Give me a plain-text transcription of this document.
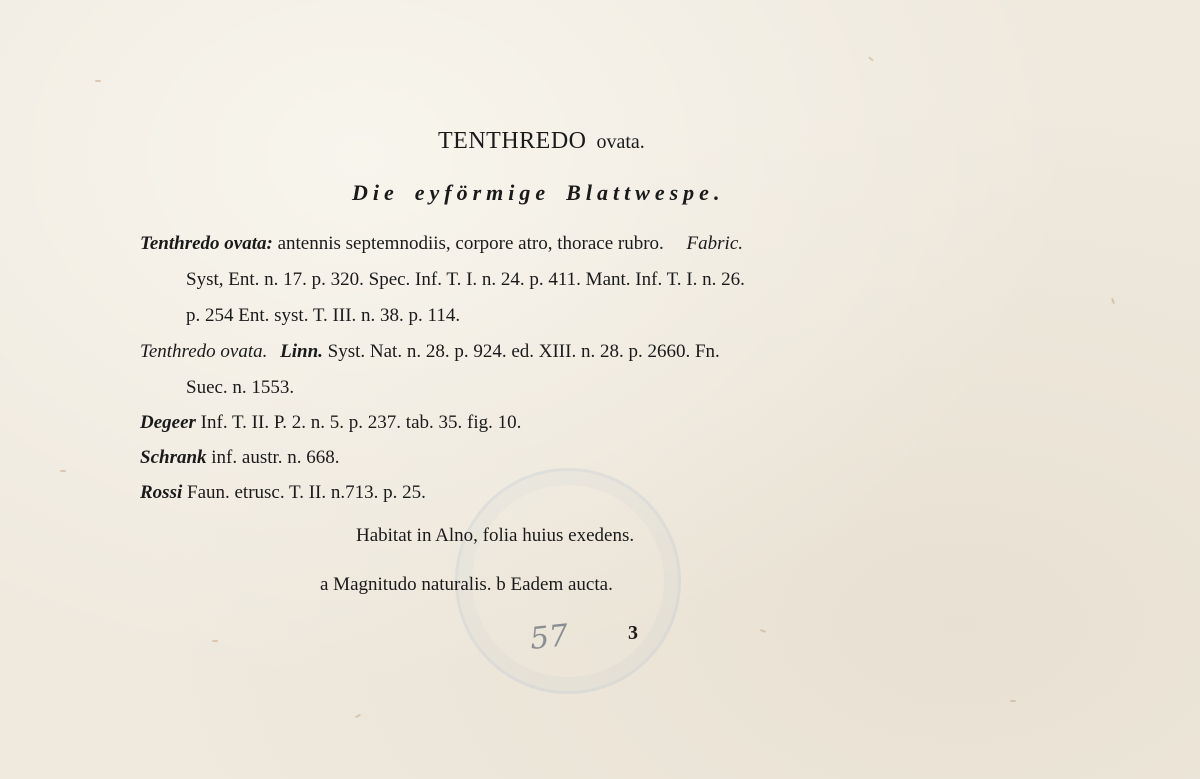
TENTHREDO ovata.
Die eyförmige Blattwespe.
Tenthredo ovata: antennis septemnodiis, corpore atro, thorace rubro. Fabric.
Syst, Ent. n. 17. p. 320. Spec. Inf. T. I. n. 24. p. 411. Mant. Inf. T. I. n. 26.
p. 254 Ent. syst. T. III. n. 38. p. 114.
Tenthredo ovata. Linn. Syst. Nat. n. 28. p. 924. ed. XIII. n. 28. p. 2660. Fn.
Suec. n. 1553.
Degeer Inf. T. II. P. 2. n. 5. p. 237. tab. 35. fig. 10.
Schrank inf. austr. n. 668.
Rossi Faun. etrusc. T. II. n.713. p. 25.
Habitat in Alno, folia huius exedens.
a Magnitudo naturalis. b Eadem aucta.
57	3
